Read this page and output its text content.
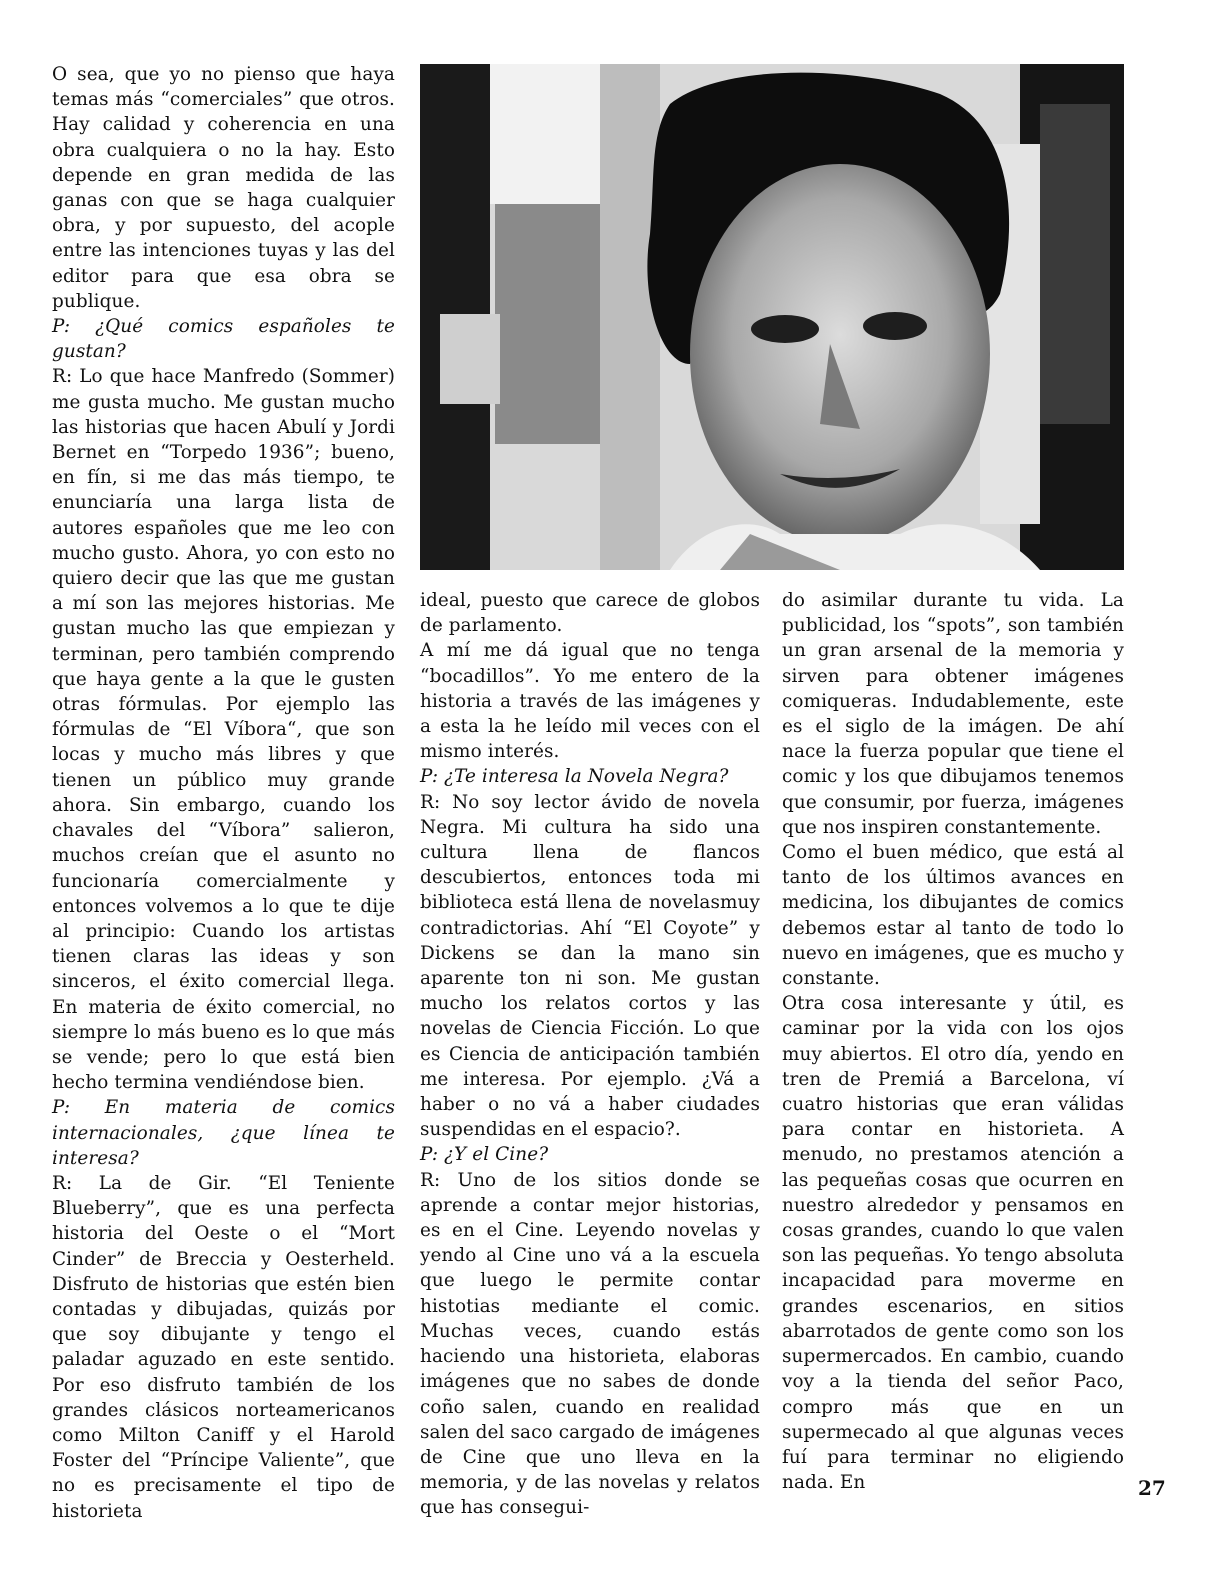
O sea, que yo no pienso que haya temas más “comerciales” que otros. Hay calidad y coherencia en una obra cualquiera o no la hay. Esto depende en gran medida de las ganas con que se haga cualquier obra, y por supuesto, del acople entre las intenciones tuyas y las del editor para que esa obra se publique.

P: ¿Qué comics españoles te gustan?

R: Lo que hace Manfredo (Sommer) me gusta mucho. Me gustan mucho las historias que hacen Abulí y Jordi Bernet en “Torpedo 1936”; bueno, en fín, si me das más tiempo, te enunciaría una larga lista de autores españoles que me leo con mucho gusto. Ahora, yo con esto no quiero decir que las que me gustan a mí son las mejores historias. Me gustan mucho las que empiezan y terminan, pero también comprendo que haya gente a la que le gusten otras fórmulas. Por ejemplo las fórmulas de “El Víbora“, que son locas y mucho más libres y que tienen un público muy grande ahora. Sin embargo, cuando los chavales del “Víbora” salieron, muchos creían que el asunto no funcionaría comercialmente y entonces volvemos a lo que te dije al principio: Cuando los artistas tienen claras las ideas y son sinceros, el éxito comercial llega. En materia de éxito comercial, no siempre lo más bueno es lo que más se vende; pero lo que está bien hecho termina vendiéndose bien.

P: En materia de comics internacionales, ¿que línea te interesa?

R: La de Gir. “El Teniente Blueberry”, que es una perfecta historia del Oeste o el “Mort Cinder” de Breccia y Oesterheld. Disfruto de historias que estén bien contadas y dibujadas, quizás por que soy dibujante y tengo el paladar aguzado en este sentido. Por eso disfruto también de los grandes clásicos norteamericanos como Milton Caniff y el Harold Foster del “Príncipe Valiente”, que no es precisamente el tipo de historieta

ideal, puesto que carece de globos de parlamento.

A mí me dá igual que no tenga “bocadillos”. Yo me entero de la historia a través de las imágenes y a esta la he leído mil veces con el mismo interés.

P: ¿Te interesa la Novela Negra?

R: No soy lector ávido de novela Negra. Mi cultura ha sido una cultura llena de flancos descubiertos, entonces toda mi biblioteca está llena de novelasmuy contradictorias. Ahí “El Coyote” y Dickens se dan la mano sin aparente ton ni son. Me gustan mucho los relatos cortos y las novelas de Ciencia Ficción. Lo que es Ciencia de anticipación también me interesa. Por ejemplo. ¿Vá a haber o no vá a haber ciudades suspendidas en el espacio?.

P: ¿Y el Cine?

R: Uno de los sitios donde se aprende a contar mejor historias, es en el Cine. Leyendo novelas y yendo al Cine uno vá a la escuela que luego le permite contar histotias mediante el comic. Muchas veces, cuando estás haciendo una historieta, elaboras imágenes que no sabes de donde coño salen, cuando en realidad salen del saco cargado de imágenes de Cine que uno lleva en la memoria, y de las novelas y relatos que has consegui-

do asimilar durante tu vida. La publicidad, los “spots”, son también un gran arsenal de la memoria y sirven para obtener imágenes comiqueras. Indudablemente, este es el siglo de la imágen. De ahí nace la fuerza popular que tiene el comic y los que dibujamos tenemos que consumir, por fuerza, imágenes que nos inspiren constantemente.

Como el buen médico, que está al tanto de los últimos avances en medicina, los dibujantes de comics debemos estar al tanto de todo lo nuevo en imágenes, que es mucho y constante.

Otra cosa interesante y útil, es caminar por la vida con los ojos muy abiertos. El otro día, yendo en tren de Premiá a Barcelona, ví cuatro historias que eran válidas para contar en historieta. A menudo, no prestamos atención a las pequeñas cosas que ocurren en nuestro alrededor y pensamos en cosas grandes, cuando lo que valen son las pequeñas. Yo tengo absoluta incapacidad para moverme en grandes escenarios, en sitios abarrotados de gente como son los supermercados. En cambio, cuando voy a la tienda del señor Paco, compro más que en un supermecado al que algunas veces fuí para terminar no eligiendo nada. En	27
